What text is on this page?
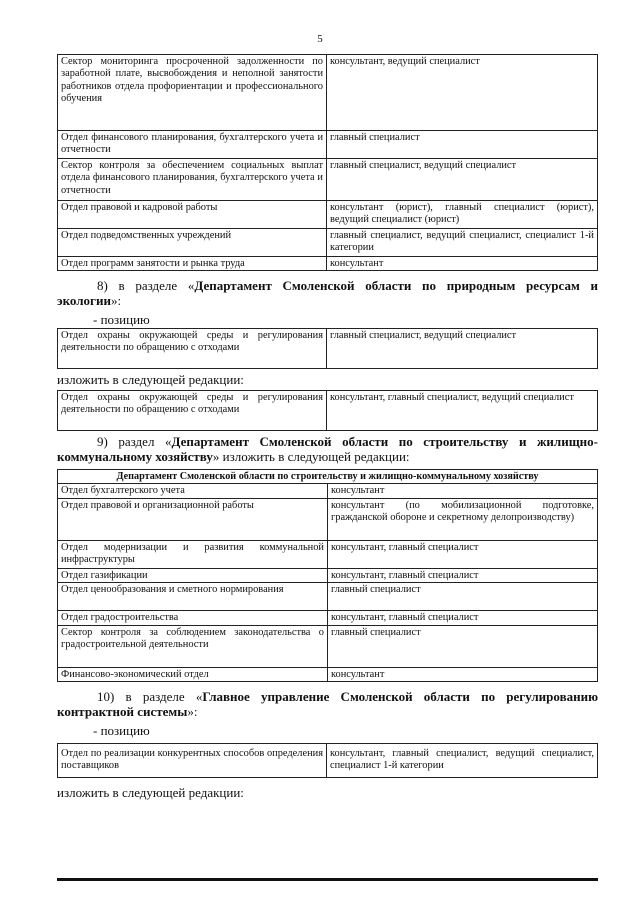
5
Сектор мониторинга просроченной задолженности по заработной плате, высвобождения и неполной занятости работников отдела профориентации и профессионального обучения	консультант, ведущий специалист
Отдел финансового планирования, бухгалтерского учета и отчетности	главный специалист
Сектор контроля за обеспечением социальных выплат отдела финансового планирования, бухгалтерского учета и отчетности	главный специалист, ведущий специалист
Отдел правовой и кадровой работы	консультант (юрист), главный специалист (юрист), ведущий специалист (юрист)
Отдел подведомственных учреждений	главный специалист, ведущий специалист, специалист 1-й категории
Отдел программ занятости и рынка труда	консультант
8) в разделе «Департамент Смоленской области по природным ресурсам и экологии»:
- позицию
Отдел охраны окружающей среды и регулирования деятельности по обращению с отходами	главный специалист, ведущий специалист
изложить в следующей редакции:
Отдел охраны окружающей среды и регулирования деятельности по обращению с отходами	консультант, главный специалист, ведущий специалист
9) раздел «Департамент Смоленской области по строительству и жилищно-коммунальному хозяйству» изложить в следующей редакции:
Департамент Смоленской области по строительству и жилищно-коммунальному хозяйству	
Отдел бухгалтерского учета	консультант
Отдел правовой и организационной работы	консультант (по мобилизационной подготовке, гражданской обороне и секретному делопроизводству)
Отдел модернизации и развития коммунальной инфраструктуры	консультант, главный специалист
Отдел газификации	консультант, главный специалист
Отдел ценообразования и сметного нормирования	главный специалист
Отдел градостроительства	консультант, главный специалист
Сектор контроля за соблюдением законодательства о градостроительной деятельности	главный специалист
Финансово-экономический отдел	консультант
10) в разделе «Главное управление Смоленской области по регулированию контрактной системы»:
- позицию
Отдел по реализации конкурентных способов определения поставщиков	консультант, главный специалист, ведущий специалист, специалист 1-й категории
изложить в следующей редакции:
